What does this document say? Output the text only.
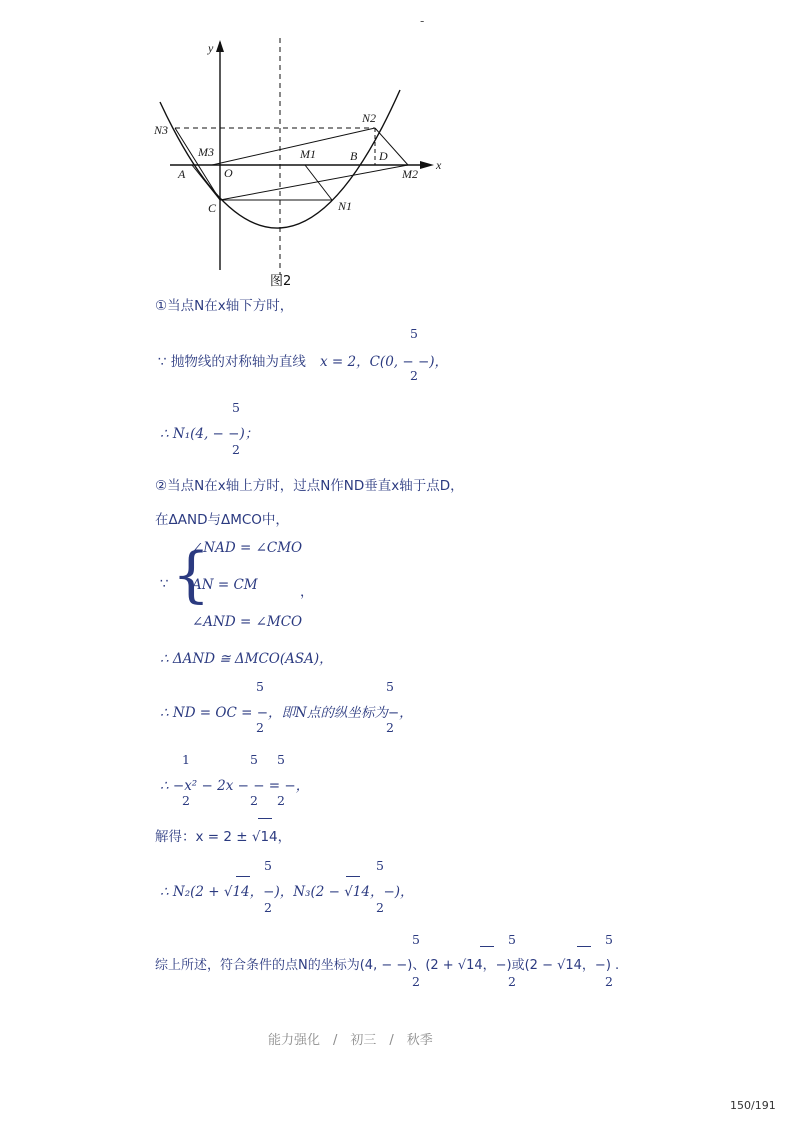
-
y
x
O
A
B
C
D
N1
N2
N3
M1
M2
M3
图2
①当点N在x轴下方时，
5
∵ 抛物线的对称轴为直线 x = 2，C(0, − −)，
2
5
∴ N₁(4, − −)；
2
②当点N在x轴上方时，过点N作ND垂直x轴于点D，
在ΔAND与ΔMCO中，
∵ {
∠NAD = ∠CMO
AN = CM
∠AND = ∠MCO
，
∴ ΔAND ≅ ΔMCO(ASA)，
5	5
∴ ND = OC = −，即N点的纵坐标为−，
2	2
1	5 5
∴ −x² − 2x − − = −，
2	2 2
解得：x = 2 ± √14，
5	5
∴ N₂(2 + √14，−)，N₃(2 − √14，−)，
2	2
5	5	5
综上所述，符合条件的点N的坐标为(4, − −)、(2 + √14，−)或(2 − √14，−) .
2	2	2
能力强化　/　初三　/　秋季
150/191
